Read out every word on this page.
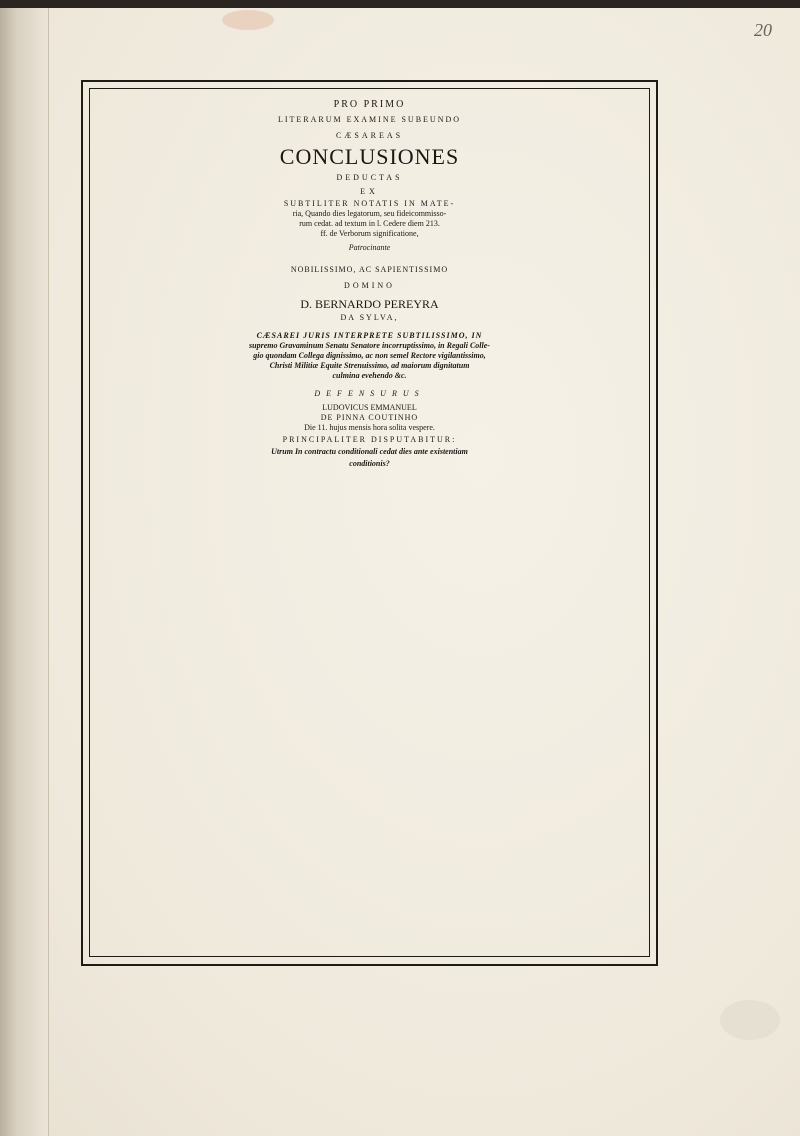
20
PRO PRIMO
LITERARUM EXAMINE SUBEUNDO
CÆSAREAS
CONCLUSIONES
DEDUCTAS
EX
SUBTILITER NOTATIS IN MATE-
ria, Quando dies legatorum, seu fideicommisso-
rum cedat. ad textum in l. Cedere diem 213.
ff. de Verborum significatione,
Patrocinante
NOBILISSIMO, AC SAPIENTISSIMO
DOMINO
D. BERNARDO PEREYRA
DA SYLVA,
CÆSAREI JURIS INTERPRETE SUBTILISSIMO, IN
supremo Gravaminum Senatu Senatore incorruptissimo, in Regali Colle-
gio quondam Collega dignissimo, ac non semel Rectore vigilantissimo,
Christi Militiæ Equite Strenuissimo, ad maiorum dignitatum
culmina evehendo &c.
DEFENSURUS
LUDOVICUS EMMANUEL
DE PINNA COUTINHO
Die 11. hujus mensis hora solita vespere.
PRINCIPALITER DISPUTABITUR:
Utrum In contractu conditionali cedat dies ante existentiam
conditionis?
